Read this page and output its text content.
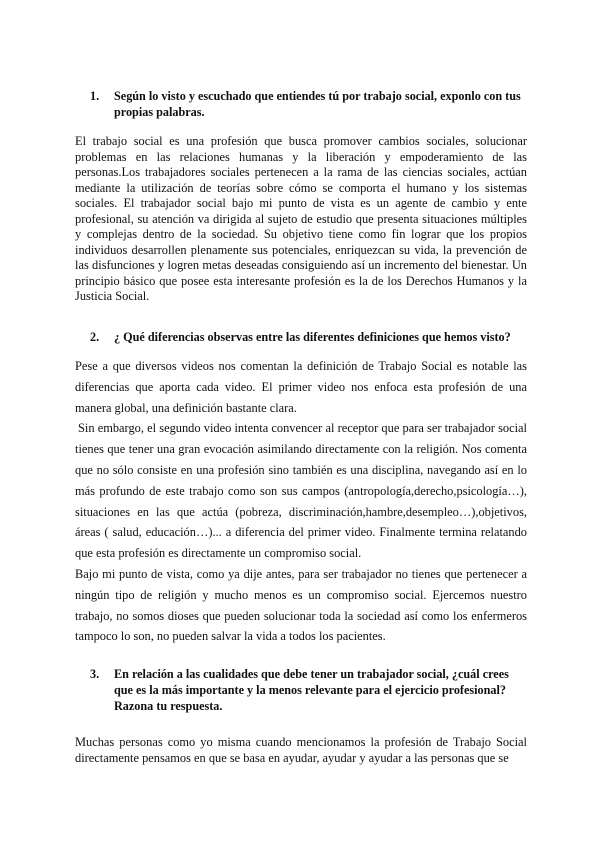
1. Según lo visto y escuchado que entiendes tú por trabajo social, exponlo con tus propias palabras.
El trabajo social es una profesión que busca promover cambios sociales, solucionar problemas en las relaciones humanas y la liberación y empoderamiento de las personas.Los trabajadores sociales pertenecen a la rama de las ciencias sociales, actúan mediante la utilización de teorías sobre cómo se comporta el humano y los sistemas sociales. El trabajador social bajo mi punto de vista es un agente de cambio y ente profesional, su atención va dirigida al sujeto de estudio que presenta situaciones múltiples y complejas dentro de la sociedad. Su objetivo tiene como fin lograr que los propios individuos desarrollen plenamente sus potenciales, enriquezcan su vida, la prevención de las disfunciones y logren metas deseadas consiguiendo así un incremento del bienestar. Un principio básico que posee esta interesante profesión es la de los Derechos Humanos y la Justicia Social.
2. ¿ Qué diferencias observas entre las diferentes definiciones que hemos visto?

Pese a que diversos videos nos comentan la definición de Trabajo Social es notable las diferencias que aporta cada video. El primer video nos enfoca esta profesión de una manera global, una definición bastante clara.

Sin embargo, el segundo video intenta convencer al receptor que para ser trabajador social tienes que tener una gran evocación asimilando directamente con la religión. Nos comenta que no sólo consiste en una profesión sino también es una disciplina, navegando así en lo más profundo de este trabajo como son sus campos (antropología,derecho,psicología…), situaciones en las que actúa (pobreza, discriminación,hambre,desempleo…),objetivos, áreas ( salud, educación…)... a diferencia del primer video. Finalmente termina relatando que esta profesión es directamente un compromiso social.

Bajo mi punto de vista, como ya dije antes, para ser trabajador no tienes que pertenecer a ningún tipo de religión y mucho menos es un compromiso social. Ejercemos nuestro trabajo, no somos dioses que pueden solucionar toda la sociedad así como los enfermeros tampoco lo son, no pueden salvar la vida a todos los pacientes.

3. En relación a las cualidades que debe tener un trabajador social, ¿cuál crees que es la más importante y la menos relevante para el ejercicio profesional? Razona tu respuesta.
Muchas personas como yo misma cuando mencionamos la profesión de Trabajo Social directamente pensamos en que se basa en ayudar, ayudar y ayudar a las personas que se
